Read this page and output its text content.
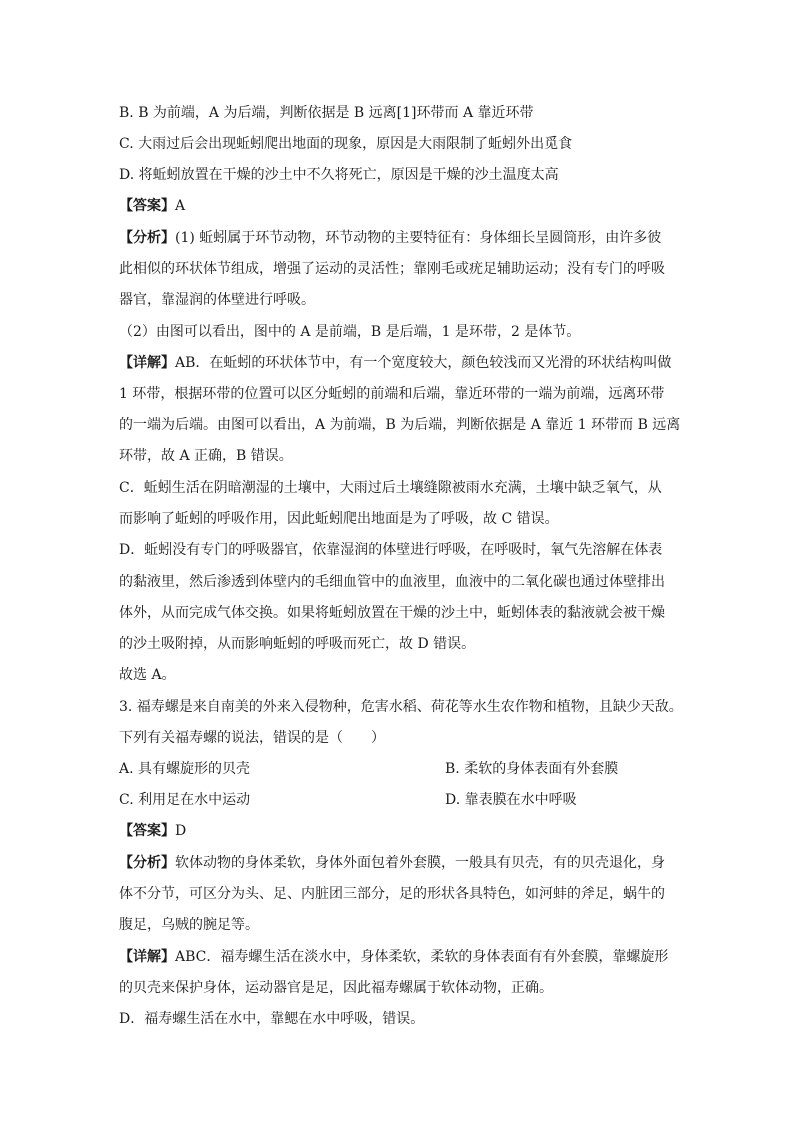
B. B 为前端，A 为后端，判断依据是 B 远离[1]环带而 A 靠近环带
C. 大雨过后会出现蚯蚓爬出地面的现象，原因是大雨限制了蚯蚓外出觅食
D. 将蚯蚓放置在干燥的沙土中不久将死亡，原因是干燥的沙土温度太高
【答案】A
【分析】(1) 蚯蚓属于环节动物，环节动物的主要特征有：身体细长呈圆筒形，由许多彼
此相似的环状体节组成，增强了运动的灵活性；靠刚毛或疣足辅助运动；没有专门的呼吸
器官，靠湿润的体壁进行呼吸。
（2）由图可以看出，图中的 A 是前端，B 是后端，1 是环带，2 是体节。
【详解】AB．在蚯蚓的环状体节中，有一个宽度较大，颜色较浅而又光滑的环状结构叫做
1 环带，根据环带的位置可以区分蚯蚓的前端和后端，靠近环带的一端为前端，远离环带
的一端为后端。由图可以看出，A 为前端，B 为后端，判断依据是 A 靠近 1 环带而 B 远离
环带，故 A 正确，B 错误。
C．蚯蚓生活在阴暗潮湿的土壤中，大雨过后土壤缝隙被雨水充满，土壤中缺乏氧气，从
而影响了蚯蚓的呼吸作用，因此蚯蚓爬出地面是为了呼吸，故 C 错误。
D．蚯蚓没有专门的呼吸器官，依靠湿润的体壁进行呼吸，在呼吸时，氧气先溶解在体表
的黏液里，然后渗透到体壁内的毛细血管中的血液里，血液中的二氧化碳也通过体壁排出
体外，从而完成气体交换。如果将蚯蚓放置在干燥的沙土中，蚯蚓体表的黏液就会被干燥
的沙土吸附掉，从而影响蚯蚓的呼吸而死亡，故 D 错误。
故选 A。
3. 福寿螺是来自南美的外来入侵物种，危害水稻、荷花等水生农作物和植物，且缺少天敌。
下列有关福寿螺的说法，错误的是（　　）
A. 具有螺旋形的贝壳	B. 柔软的身体表面有外套膜
C. 利用足在水中运动	D. 靠表膜在水中呼吸
【答案】D
【分析】软体动物的身体柔软，身体外面包着外套膜，一般具有贝壳，有的贝壳退化，身
体不分节，可区分为头、足、内脏团三部分，足的形状各具特色，如河蚌的斧足，蜗牛的
腹足，乌贼的腕足等。
【详解】ABC．福寿螺生活在淡水中，身体柔软，柔软的身体表面有有外套膜，靠螺旋形
的贝壳来保护身体，运动器官是足，因此福寿螺属于软体动物，正确。
D．福寿螺生活在水中，靠鳃在水中呼吸，错误。
